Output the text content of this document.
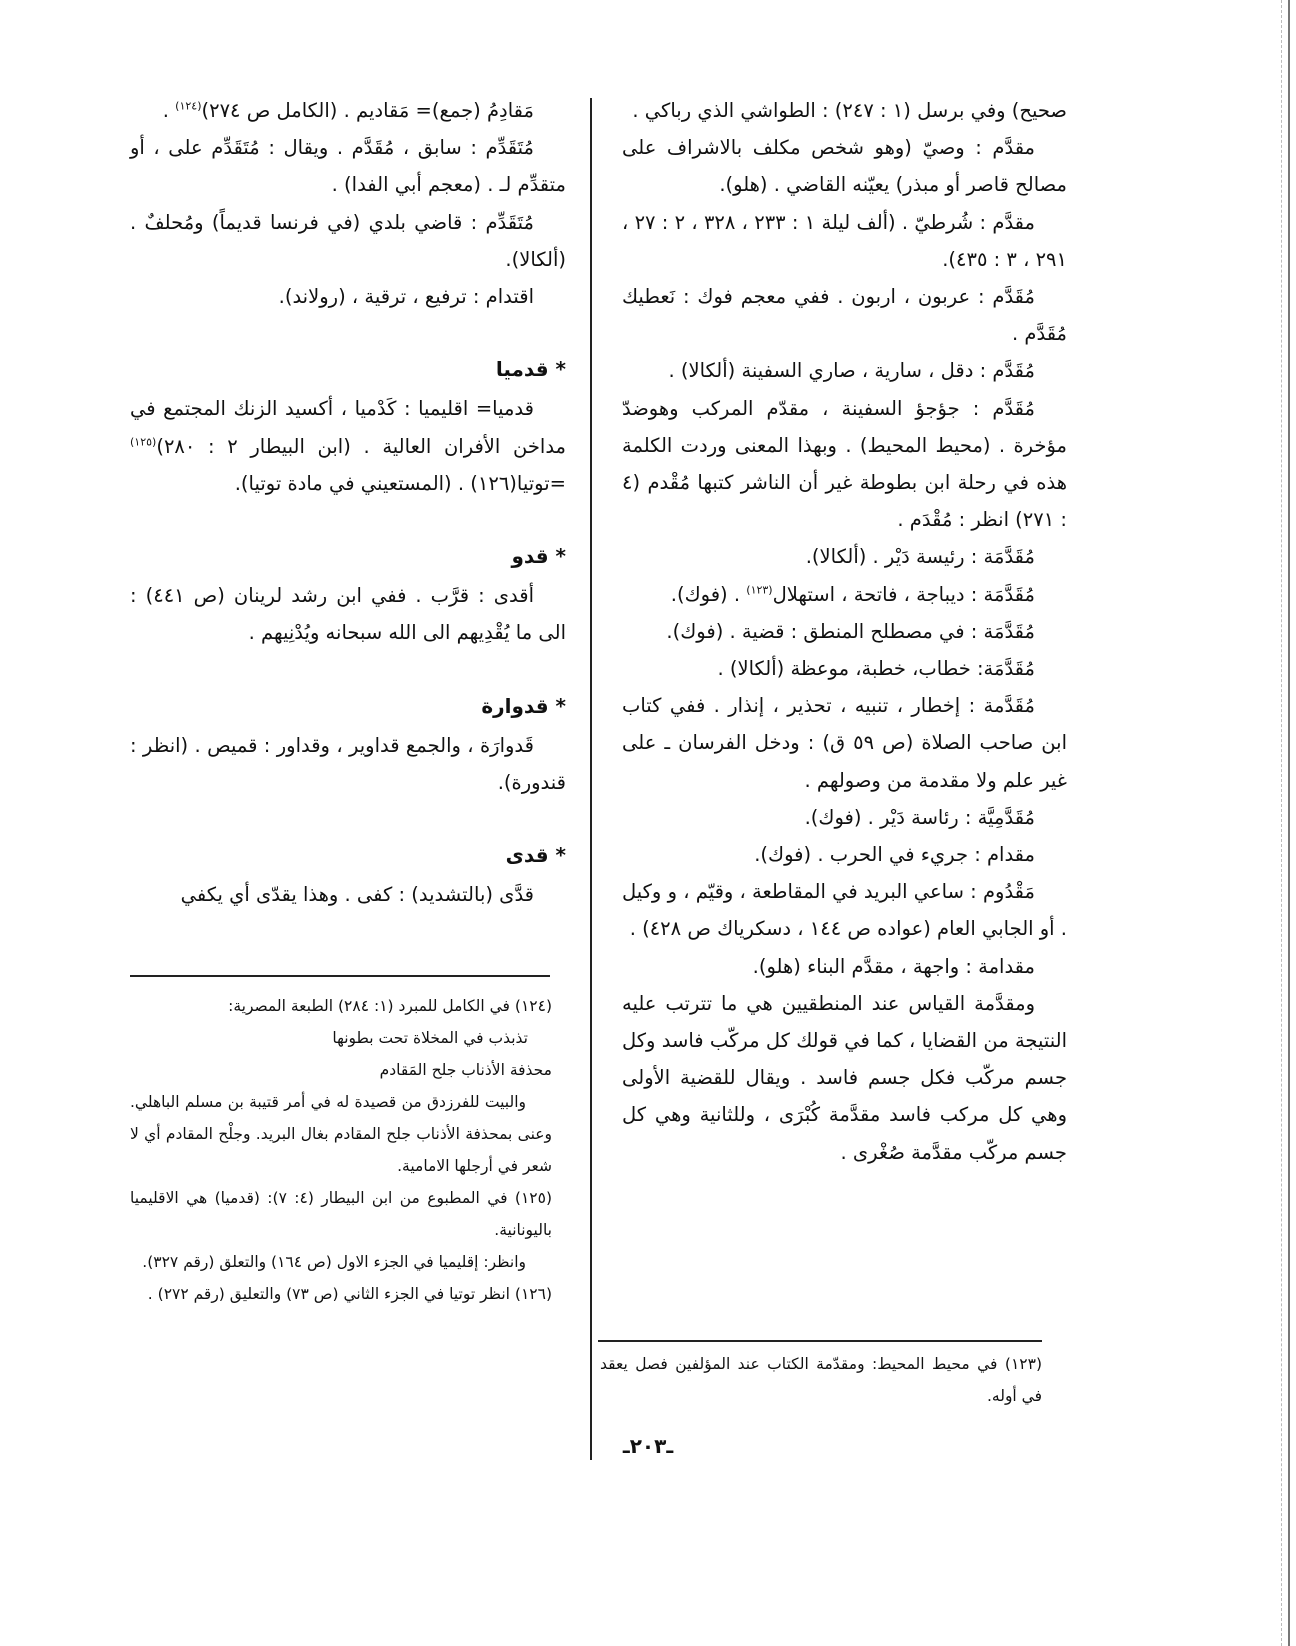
صحيح) وفي برسل (١ : ٢٤٧) : الطواشي الذي رباكي .

مقدَّم : وصيّ (وهو شخص مكلف بالاشراف على مصالح قاصر أو مبذر) يعيّنه القاضي . (هلو).

مقدَّم : شُرطيّ . (ألف ليلة ١ : ٢٣٣ ، ٣٢٨ ، ٢ : ٢٧ ، ٢٩١ ، ٣ : ٤٣٥).

مُقَدَّم : عربون ، اربون . ففي معجم فوك : نَعطيك مُقَدَّم .

مُقَدَّم : دقل ، سارية ، صاري السفينة (ألكالا) .

مُقَدَّم : جؤجؤ السفينة ، مقدّم المركب وهوضدّ مؤخرة . (محيط المحيط) . وبهذا المعنى وردت الكلمة هذه في رحلة ابن بطوطة غير أن الناشر كتبها مُقْدم (٤ : ٢٧١) انظر : مُقْدَم .

مُقَدَّمَة : رئيسة دَيْر . (ألكالا).

مُقَدَّمَة : ديباجة ، فاتحة ، استهلال$^{(١٢٣)}$ . (فوك).

مُقَدَّمَة : في مصطلح المنطق : قضية . (فوك).

مُقَدَّمَة: خطاب، خطبة، موعظة (ألكالا) .

مُقَدَّمة : إخطار ، تنبيه ، تحذير ، إنذار . ففي كتاب ابن صاحب الصلاة (ص ٥٩ ق) : ودخل الفرسان ـ على غير علم ولا مقدمة من وصولهم .

مُقَدَّمِيَّة : رئاسة دَيْر . (فوك).

مقدام : جريء في الحرب . (فوك).

مَقْدُوم : ساعي البريد في المقاطعة ، وقيّم ، و وكيل . أو الجابي العام (عواده ص ١٤٤ ، دسكرياك ص ٤٢٨) .

مقدامة : واجهة ، مقدَّم البناء (هلو).

ومقدَّمة القياس عند المنطقيين هي ما تترتب عليه النتيجة من القضايا ، كما في قولك كل مركّب فاسد وكل جسم مركّب فكل جسم فاسد . ويقال للقضية الأولى وهي كل مركب فاسد مقدَّمة كُبْرَى ، وللثانية وهي كل جسم مركّب مقدَّمة صُغْرى .

مَقادِمُ (جمع)= مَقاديم . (الكامل ص ٢٧٤)$^{(١٢٤)}$ .

مُتَقَدِّم : سابق ، مُقَدَّم . ويقال : مُتَقَدِّم على ، أو متقدِّم لـ . (معجم أبي الفدا) .

مُتَقَدِّم : قاضي بلدي (في فرنسا قديماً) ومُحلفٌ . (ألكالا).

اقتدام : ترفيع ، ترقية ، (رولاند).

* قدميا

قدميا= اقليميا : كَدْميا ، أكسيد الزنك المجتمع في مداخن الأفران العالية . (ابن البيطار ٢ : ٢٨٠)$^{(١٢٥)}$ =توتيا(١٢٦) . (المستعيني في مادة توتيا).

* قدو

أقدى : قرَّب . ففي ابن رشد لرينان (ص ٤٤١) : الى ما يُقْدِيهم الى الله سبحانه ويُدْنِيهم .

* قدوارة

قَدوارَة ، والجمع قداوير ، وقداور : قميص . (انظر : قندورة).

* قدى

قدَّى (بالتشديد) : كفى . وهذا يقدّى أي يكفي

(١٢٤) في الكامل للمبرد (١: ٢٨٤) الطبعة المصرية:
تذبذب في المخلاة تحت بطونها
محذفة الأذناب جلح المَقادم
والبيت للفرزدق من قصيدة له في أمر قتيبة بن مسلم الباهلي. وعنى بمحذفة الأذناب جلح المقادم بغال البريد. وجلْح المقادم أي لا شعر في أرجلها الامامية.
(١٢٥) في المطبوع من ابن البيطار (٤: ٧): (قدميا) هي الاقليميا باليونانية.
وانظر: إقليميا في الجزء الاول (ص ١٦٤) والتعلق (رقم ٣٢٧).
(١٢٦) انظر توتيا في الجزء الثاني (ص ٧٣) والتعليق (رقم ٢٧٢) .
(١٢٣) في محيط المحيط: ومقدّمة الكتاب عند المؤلفين فصل يعقد في أوله.
ـ٢٠٣ـ
